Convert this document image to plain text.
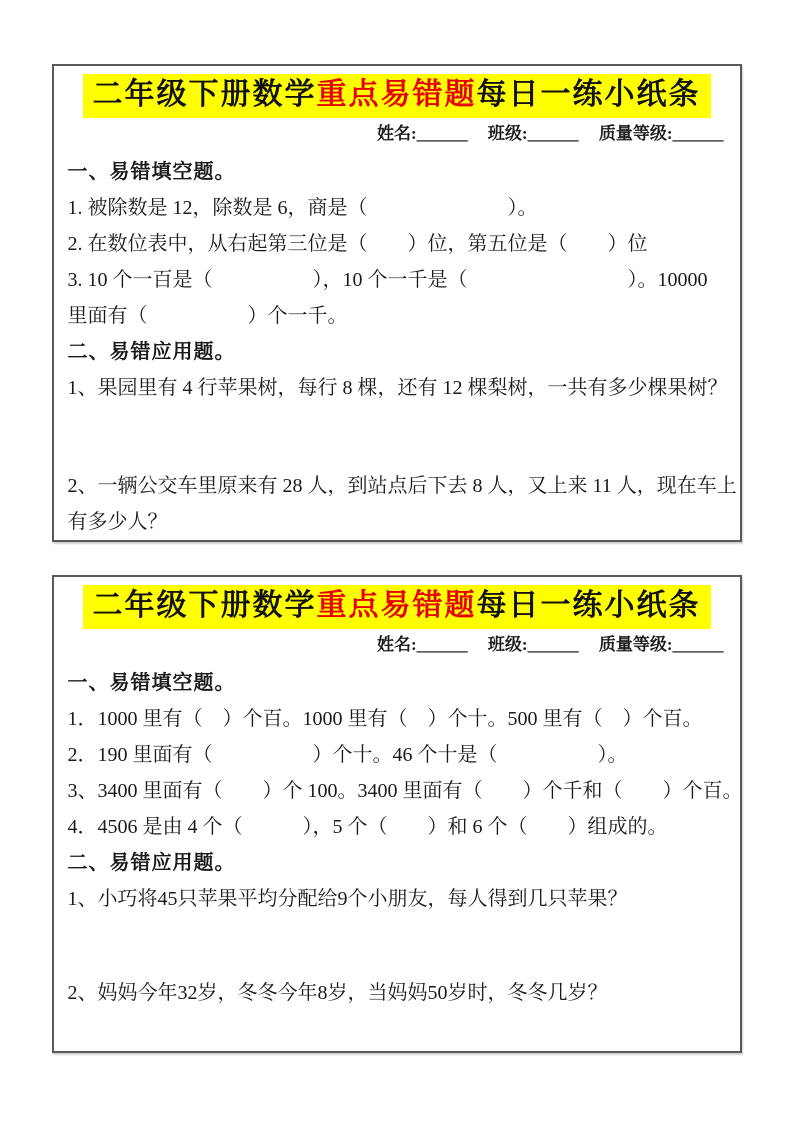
二年级下册数学重点易错题每日一练小纸条
姓名:______ 班级:______ 质量等级:______
一、易错填空题。
1. 被除数是 12，除数是 6，商是（　　　　　　　）。
2. 在数位表中，从右起第三位是（　　）位，第五位是（　　）位
3. 10 个一百是（　　　　　），10 个一千是（　　　　　　　　）。10000
里面有（　　　　　）个一千。
二、易错应用题。
1、果园里有 4 行苹果树，每行 8 棵，还有 12 棵梨树，一共有多少棵果树？
2、一辆公交车里原来有 28 人，到站点后下去 8 人，又上来 11 人，现在车上
有多少人？
二年级下册数学重点易错题每日一练小纸条
姓名:______ 班级:______ 质量等级:______
一、易错填空题。
1．1000 里有（　）个百。1000 里有（　）个十。500 里有（　）个百。
2．190 里面有（　　　　　）个十。46 个十是（　　　　　）。
3、3400 里面有（　　）个 100。3400 里面有（　　）个千和（　　）个百。
4．4506 是由 4 个（　　　），5 个（　　）和 6 个（　　）组成的。
二、易错应用题。
1、小巧将45只苹果平均分配给9个小朋友，每人得到几只苹果？
2、妈妈今年32岁，冬冬今年8岁，当妈妈50岁时，冬冬几岁？
